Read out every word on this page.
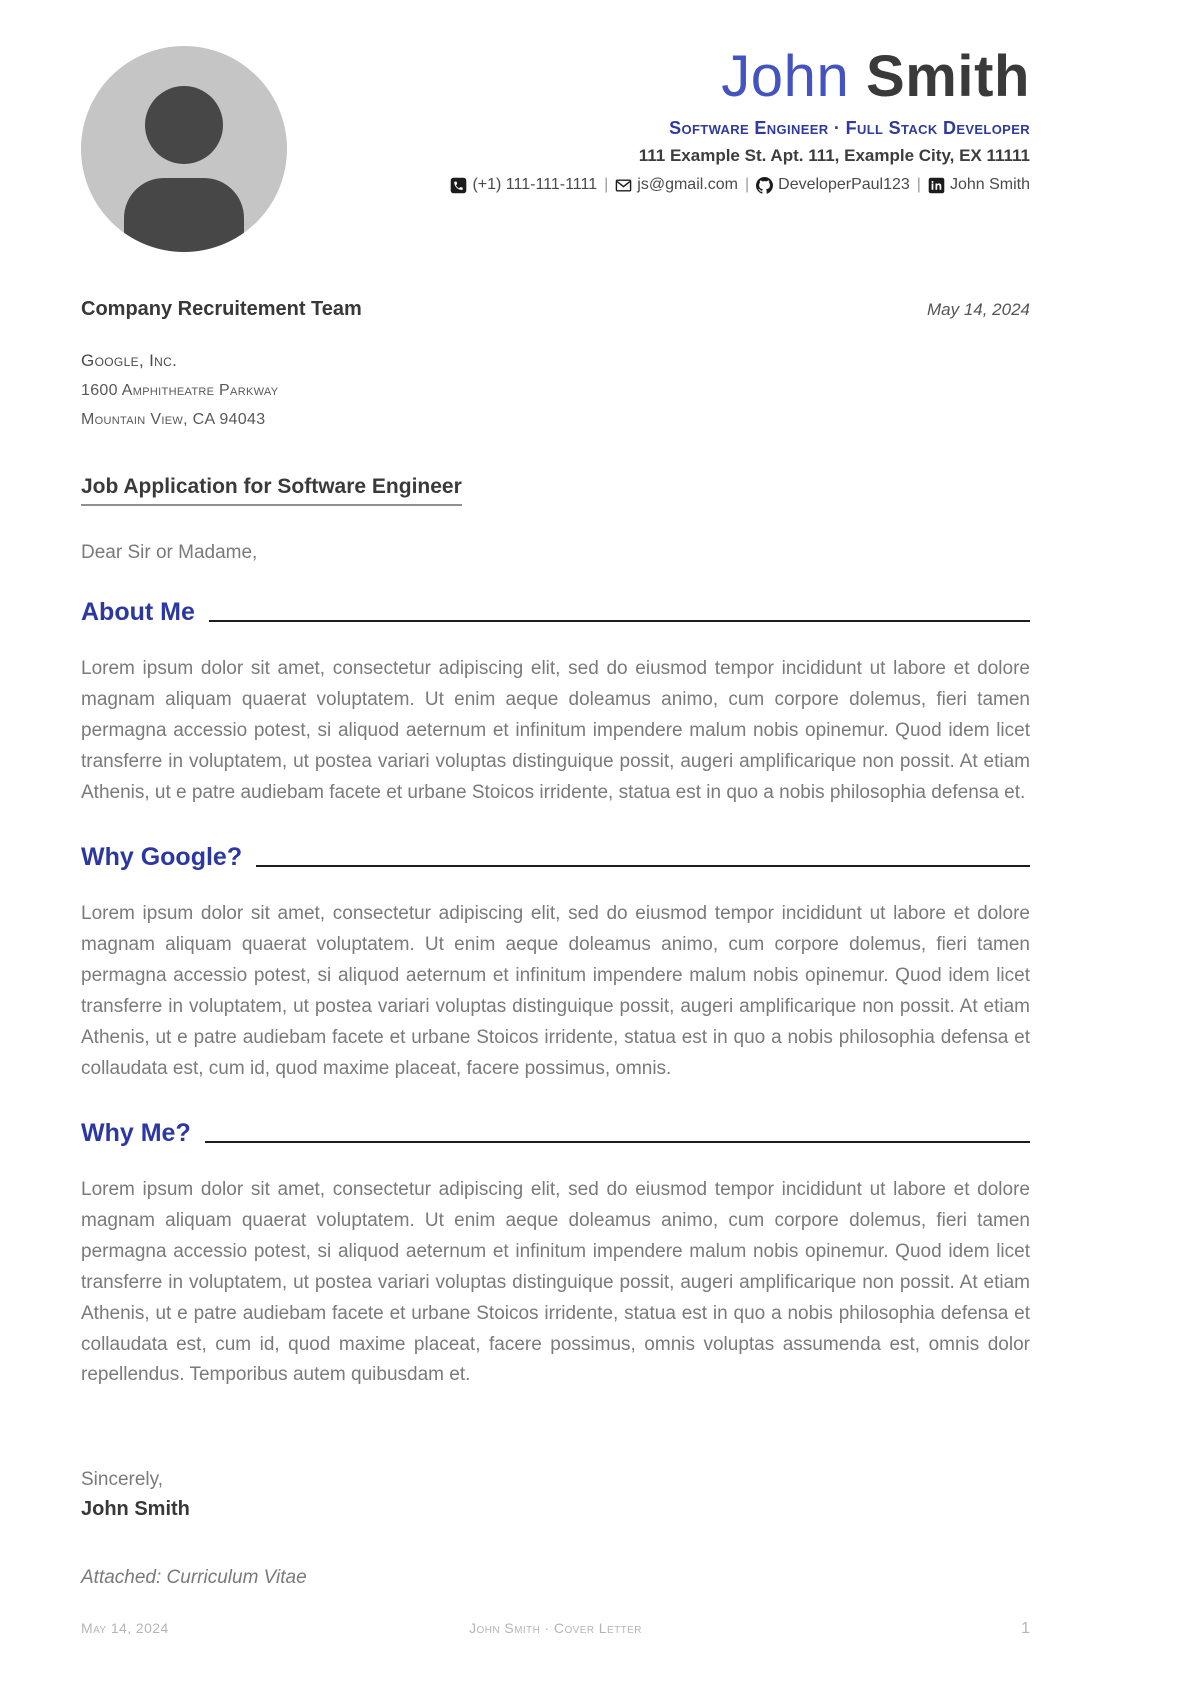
John Smith
Software Engineer · Full Stack Developer
111 Example St. Apt. 111, Example City, EX 11111
(+1) 111-111-1111 | js@gmail.com | DeveloperPaul123 | John Smith
Company Recruitement Team	May 14, 2024
Google, Inc.
1600 Amphitheatre Parkway
Mountain View, CA 94043
Job Application for Software Engineer
Dear Sir or Madame,
About Me

Lorem ipsum dolor sit amet, consectetur adipiscing elit, sed do eiusmod tempor incididunt ut labore et dolore magnam aliquam quaerat voluptatem. Ut enim aeque doleamus animo, cum corpore dolemus, fieri tamen permagna accessio potest, si aliquod aeternum et infinitum impendere malum nobis opinemur. Quod idem licet transferre in voluptatem, ut postea variari voluptas distinguique possit, augeri amplificarique non possit. At etiam Athenis, ut e patre audiebam facete et urbane Stoicos irridente, statua est in quo a nobis philosophia defensa et.

Why Google?

Lorem ipsum dolor sit amet, consectetur adipiscing elit, sed do eiusmod tempor incididunt ut labore et dolore magnam aliquam quaerat voluptatem. Ut enim aeque doleamus animo, cum corpore dolemus, fieri tamen permagna accessio potest, si aliquod aeternum et infinitum impendere malum nobis opinemur. Quod idem licet transferre in voluptatem, ut postea variari voluptas distinguique possit, augeri amplificarique non possit. At etiam Athenis, ut e patre audiebam facete et urbane Stoicos irridente, statua est in quo a nobis philosophia defensa et collaudata est, cum id, quod maxime placeat, facere possimus, omnis.

Why Me?

Lorem ipsum dolor sit amet, consectetur adipiscing elit, sed do eiusmod tempor incididunt ut labore et dolore magnam aliquam quaerat voluptatem. Ut enim aeque doleamus animo, cum corpore dolemus, fieri tamen permagna accessio potest, si aliquod aeternum et infinitum impendere malum nobis opinemur. Quod idem licet transferre in voluptatem, ut postea variari voluptas distinguique possit, augeri amplificarique non possit. At etiam Athenis, ut e patre audiebam facete et urbane Stoicos irridente, statua est in quo a nobis philosophia defensa et collaudata est, cum id, quod maxime placeat, facere possimus, omnis voluptas assumenda est, omnis dolor repellendus. Temporibus autem quibusdam et.

Sincerely,
John Smith
Attached: Curriculum Vitae
May 14, 2024	John Smith · Cover Letter	1
